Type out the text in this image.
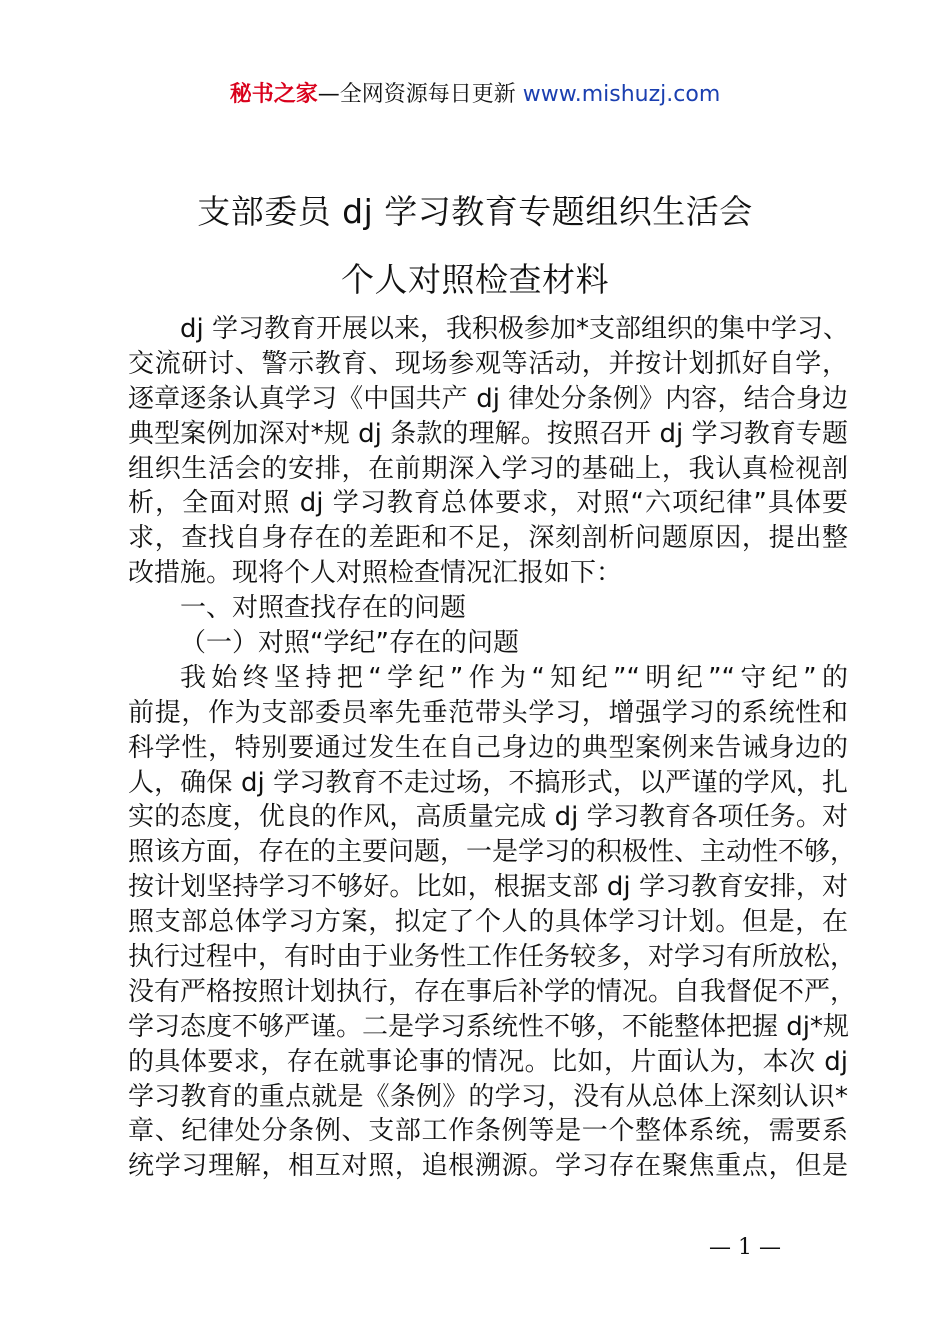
秘书之家—全网资源每日更新 www.mishuzj.com
支部委员 dj 学习教育专题组织生活会
个人对照检查材料
dj 学习教育开展以来，我积极参加*支部组织的集中学习、
交流研讨、警示教育、现场参观等活动，并按计划抓好自学，
逐章逐条认真学习《中国共产 dj 律处分条例》内容，结合身边
典型案例加深对*规 dj 条款的理解。按照召开 dj 学习教育专题
组织生活会的安排，在前期深入学习的基础上，我认真检视剖
析，全面对照 dj 学习教育总体要求，对照“六项纪律”具体要
求，查找自身存在的差距和不足，深刻剖析问题原因，提出整
改措施。现将个人对照检查情况汇报如下：
一、对照查找存在的问题
（一）对照“学纪”存在的问题
我始终坚持把“学纪”作为“知纪”“明纪”“守纪”的
前提，作为支部委员率先垂范带头学习，增强学习的系统性和
科学性，特别要通过发生在自己身边的典型案例来告诫身边的
人，确保 dj 学习教育不走过场，不搞形式，以严谨的学风，扎
实的态度，优良的作风，高质量完成 dj 学习教育各项任务。对
照该方面，存在的主要问题，一是学习的积极性、主动性不够，
按计划坚持学习不够好。比如，根据支部 dj 学习教育安排，对
照支部总体学习方案，拟定了个人的具体学习计划。但是，在
执行过程中，有时由于业务性工作任务较多，对学习有所放松，
没有严格按照计划执行，存在事后补学的情况。自我督促不严，
学习态度不够严谨。二是学习系统性不够，不能整体把握 dj*规
的具体要求，存在就事论事的情况。比如，片面认为，本次 dj
学习教育的重点就是《条例》的学习，没有从总体上深刻认识*
章、纪律处分条例、支部工作条例等是一个整体系统，需要系
统学习理解，相互对照，追根溯源。学习存在聚焦重点，但是
— 1 —
